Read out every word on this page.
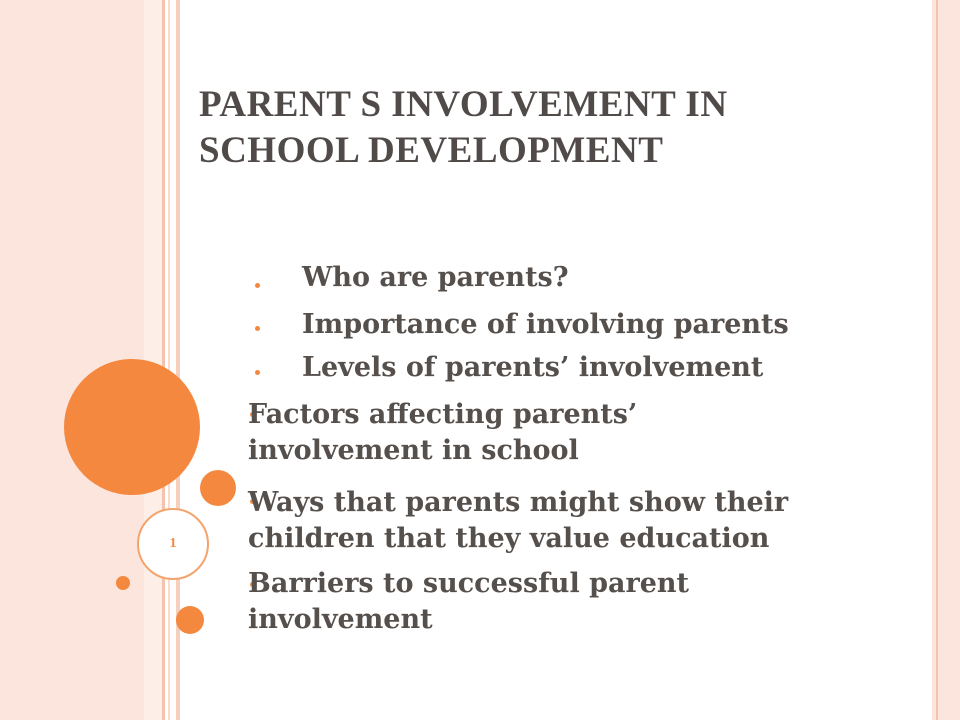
1
PARENT S INVOLVEMENT IN
SCHOOL DEVELOPMENT
Who are parents?
Importance of involving parents
Levels of parents’ involvement
Factors affecting parents’
involvement in school
Ways that parents might show their
children that they value education
Barriers to successful parent
involvement
